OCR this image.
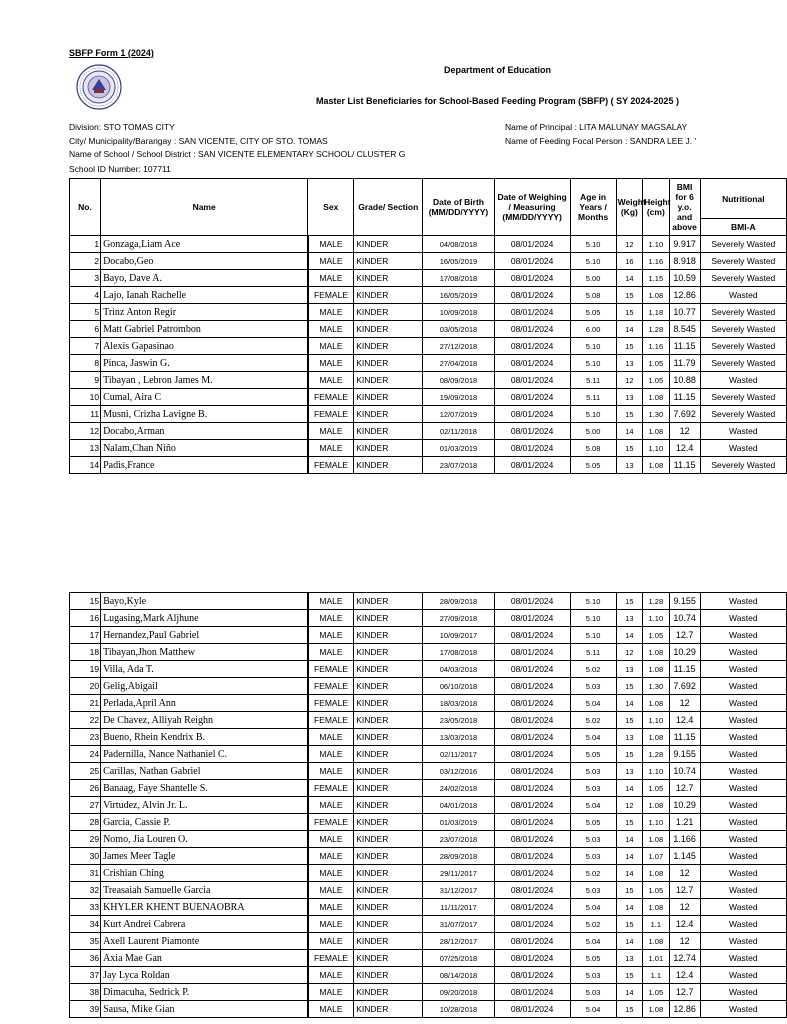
SBFP Form 1 (2024)
Department of Education
Master List Beneficiaries for School-Based Feeding Program (SBFP) ( SY 2024-2025 )
Division: STO TOMAS CITY
City/ Municipality/Barangay : SAN VICENTE, CITY OF STO. TOMAS
Name of School / School District : SAN VICENTE ELEMENTARY SCHOOL/ CLUSTER G
School ID Number: 107711
Name of Principal : LITA MALUNAY MAGSALAY
Name of Feeding Focal Person : SANDRA LEE J. '
No.	Name	Sex	Grade/ Section	Date of Birth (MM/DD/YYYY)	Date of Weighing / Measuring (MM/DD/YYYY)	Age in Years / Months	Weight (Kg)	Height (cm)	BMI for 6 y.o. and above	Nutritional
										BMI-A
1	Gonzaga,Liam Ace	MALE	KINDER	04/08/2018	08/01/2024	5.10	12	1.10	9.917	Severely Wasted
2	Docabo,Geo	MALE	KINDER	16/05/2019	08/01/2024	5.10	16	1.16	8.918	Severely Wasted
3	Bayo, Dave A.	MALE	KINDER	17/08/2018	08/01/2024	5.00	14	1.15	10.59	Severely Wasted
4	Lajo, Ianah Rachelle	FEMALE	KINDER	16/05/2019	08/01/2024	5.08	15	1.08	12.86	Wasted
5	Trinz Anton Regir	MALE	KINDER	10/09/2018	08/01/2024	5.05	15	1.18	10.77	Severely Wasted
6	Matt Gabriel Patrombon	MALE	KINDER	03/05/2018	08/01/2024	6.00	14	1.28	8.545	Severely Wasted
7	Alexis Gapasinao	MALE	KINDER	27/12/2018	08/01/2024	5.10	15	1.16	11.15	Severely Wasted
8	Pinca, Jaswin G.	MALE	KINDER	27/04/2018	08/01/2024	5.10	13	1.05	11.79	Severely Wasted
9	Tibayan , Lebron James M.	MALE	KINDER	08/09/2018	08/01/2024	5.11	12	1.05	10.88	Wasted
10	Cumal, Aira C	FEMALE	KINDER	19/09/2018	08/01/2024	5.11	13	1.08	11.15	Severely Wasted
11	Musni, Crizha Lavigne B.	FEMALE	KINDER	12/07/2019	08/01/2024	5.10	15	1.30	7.692	Severely Wasted
12	Docabo,Arman	MALE	KINDER	02/11/2018	08/01/2024	5.00	14	1.08	12	Wasted
13	Nalam,Chan Niño	MALE	KINDER	01/03/2019	08/01/2024	5.08	15	1.10	12.4	Wasted
14	Padis,France	FEMALE	KINDER	23/07/2018	08/01/2024	5.05	13	1.08	11.15	Severely Wasted
15	Bayo,Kyle	MALE	KINDER	28/09/2018	08/01/2024	5.10	15	1.28	9.155	Wasted
16	Lugasing,Mark Aljhune	MALE	KINDER	27/09/2018	08/01/2024	5.10	13	1.10	10.74	Wasted
17	Hernandez,Paul Gabriel	MALE	KINDER	10/09/2017	08/01/2024	5.10	14	1.05	12.7	Wasted
18	Tibayan,Jhon Matthew	MALE	KINDER	17/08/2018	08/01/2024	5.11	12	1.08	10.29	Wasted
19	Villa, Ada T.	FEMALE	KINDER	04/03/2018	08/01/2024	5.02	13	1.08	11.15	Wasted
20	Gelig,Abigail	FEMALE	KINDER	06/10/2018	08/01/2024	5.03	15	1.30	7.692	Wasted
21	Perlada,April Ann	FEMALE	KINDER	18/03/2018	08/01/2024	5.04	14	1.08	12	Wasted
22	De Chavez, Alliyah Reighn	FEMALE	KINDER	23/05/2018	08/01/2024	5.02	15	1.10	12.4	Wasted
23	Bueno, Rhein Kendrix B.	MALE	KINDER	13/03/2018	08/01/2024	5.04	13	1.08	11.15	Wasted
24	Padernilla, Nance Nathaniel C.	MALE	KINDER	02/11/2017	08/01/2024	5.05	15	1.28	9.155	Wasted
25	Carillas, Nathan Gabriel	MALE	KINDER	03/12/2016	08/01/2024	5.03	13	1.10	10.74	Wasted
26	Banaag, Faye Shantelle S.	FEMALE	KINDER	24/02/2018	08/01/2024	5.03	14	1.05	12.7	Wasted
27	Virtudez, Alvin Jr. L.	MALE	KINDER	04/01/2018	08/01/2024	5.04	12	1.08	10.29	Wasted
28	Garcia, Cassie P.	FEMALE	KINDER	01/03/2019	08/01/2024	5.05	15	1.10	1.21	Wasted
29	Nomo, Jia Louren O.	MALE	KINDER	23/07/2018	08/01/2024	5.03	14	1.08	1.166	Wasted
30	James Meer Tagle	MALE	KINDER	28/09/2018	08/01/2024	5.03	14	1.07	1.145	Wasted
31	Crishian Ching	MALE	KINDER	29/11/2017	08/01/2024	5.02	14	1.08	12	Wasted
32	Treasaiah Samuelle Garcia	MALE	KINDER	31/12/2017	08/01/2024	5.03	15	1.05	12.7	Wasted
33	KHYLER KHENT BUENAOBRA	MALE	KINDER	11/11/2017	08/01/2024	5.04	14	1.08	12	Wasted
34	Kurt Andrei Cabrera	MALE	KINDER	31/07/2017	08/01/2024	5.02	15	1.1	12.4	Wasted
35	Axell Laurent Piamonte	MALE	KINDER	28/12/2017	08/01/2024	5.04	14	1.08	12	Wasted
36	Axia Mae Gan	FEMALE	KINDER	07/25/2018	08/01/2024	5.05	13	1.01	12.74	Wasted
37	Jay Lyca Roldan	MALE	KINDER	08/14/2018	08/01/2024	5.03	15	1.1	12.4	Wasted
38	Dimacuha, Sedrick P.	MALE	KINDER	09/20/2018	08/01/2024	5.03	14	1.05	12.7	Wasted
39	Sausa, Mike Gian	MALE	KINDER	10/28/2018	08/01/2024	5.04	15	1.08	12.86	Wasted
